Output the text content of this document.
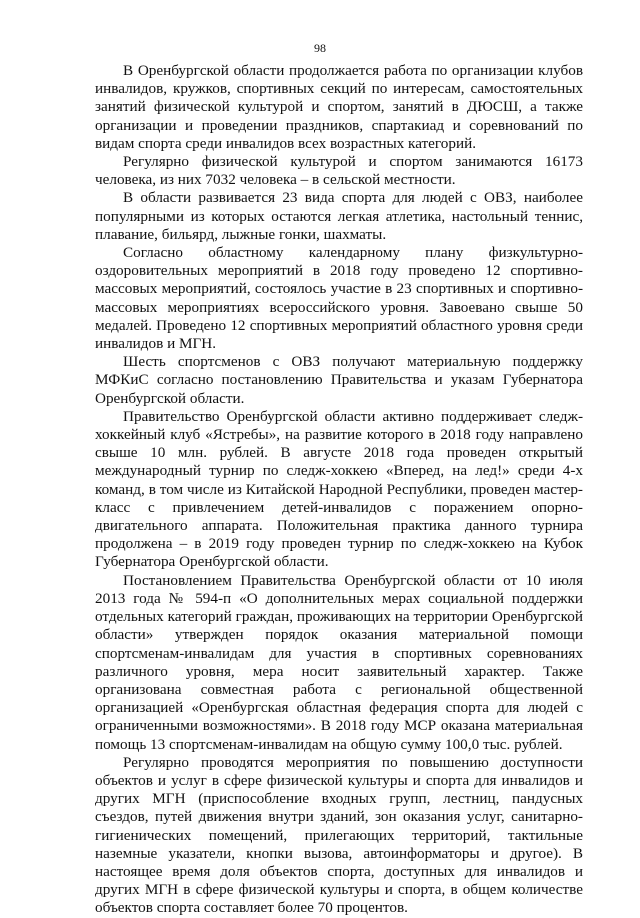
98

В Оренбургской области продолжается работа по организации клубов инвалидов, кружков, спортивных секций по интересам, самостоятельных занятий физической культурой и спортом, занятий в ДЮСШ, а также организации и проведении праздников, спартакиад и соревнований по видам спорта среди инвалидов всех возрастных категорий.

Регулярно физической культурой и спортом занимаются 16173 человека, из них 7032 человека – в сельской местности.

В области развивается 23 вида спорта для людей с ОВЗ, наиболее популярными из которых остаются легкая атлетика, настольный теннис, плавание, бильярд, лыжные гонки, шахматы.

Согласно областному календарному плану физкультурно-оздоровительных мероприятий в 2018 году проведено 12 спортивно-массовых мероприятий, состоялось участие в 23 спортивных и спортивно-массовых мероприятиях всероссийского уровня. Завоевано свыше 50 медалей. Проведено 12 спортивных мероприятий областного уровня среди инвалидов и МГН.

Шесть спортсменов с ОВЗ получают материальную поддержку МФКиС согласно постановлению Правительства и указам Губернатора Оренбургской области.

Правительство Оренбургской области активно поддерживает следж-хоккейный клуб «Ястребы», на развитие которого в 2018 году направлено свыше 10 млн. рублей. В августе 2018 года проведен открытый международный турнир по следж-хоккею «Вперед, на лед!» среди 4-х команд, в том числе из Китайской Народной Республики, проведен мастер-класс с привлечением детей-инвалидов с поражением опорно-двигательного аппарата. Положительная практика данного турнира продолжена – в 2019 году проведен турнир по следж-хоккею на Кубок Губернатора Оренбургской области.

Постановлением Правительства Оренбургской области от 10 июля 2013 года № 594-п «О дополнительных мерах социальной поддержки отдельных категорий граждан, проживающих на территории Оренбургской области» утвержден порядок оказания материальной помощи спортсменам-инвалидам для участия в спортивных соревнованиях различного уровня, мера носит заявительный характер. Также организована совместная работа с региональной общественной организацией «Оренбургская областная федерация спорта для людей с ограниченными возможностями». В 2018 году МСР оказана материальная помощь 13 спортсменам-инвалидам на общую сумму 100,0 тыс. рублей.

Регулярно проводятся мероприятия по повышению доступности объектов и услуг в сфере физической культуры и спорта для инвалидов и других МГН (приспособление входных групп, лестниц, пандусных съездов, путей движения внутри зданий, зон оказания услуг, санитарно-гигиенических помещений, прилегающих территорий, тактильные наземные указатели, кнопки вызова, автоинформаторы и другое). В настоящее время доля объектов спорта, доступных для инвалидов и других МГН в сфере физической культуры и спорта, в общем количестве объектов спорта составляет более 70 процентов.
